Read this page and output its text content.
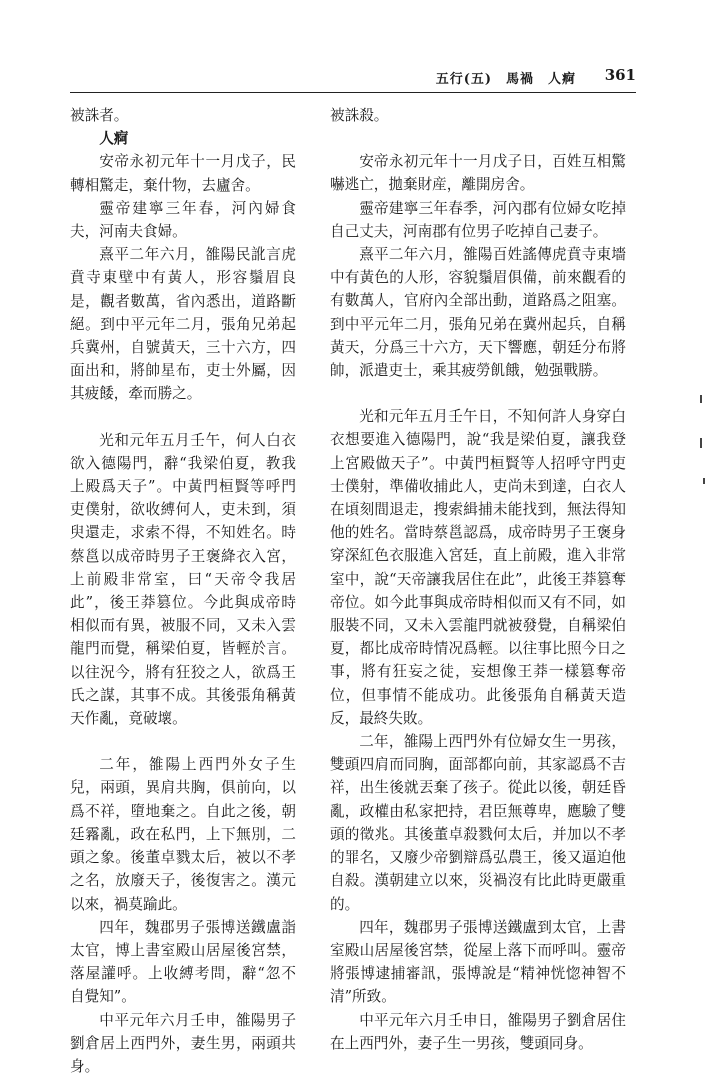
五行(五)　馬禍　人痾 361

被誅者。

人痾

安帝永初元年十一月戊子，民轉相驚走，棄什物，去廬舍。

靈帝建寧三年春，河內婦食夫，河南夫食婦。

熹平二年六月，雒陽民訛言虎賁寺東壁中有黃人，形容鬚眉良是，觀者數萬，省內悉出，道路斷絕。到中平元年二月，張角兄弟起兵冀州，自號黃天，三十六方，四面出和，將帥星布，吏士外屬，因其疲餧，牽而勝之。

光和元年五月壬午，何人白衣欲入德陽門，辭“我梁伯夏，教我上殿爲天子”。中黃門桓賢等呼門吏僕射，欲收縛何人，吏未到，須臾還走，求索不得，不知姓名。時蔡邕以成帝時男子王褒絳衣入宮，上前殿非常室，曰“天帝令我居此”，後王莽篡位。今此與成帝時相似而有異，被服不同，又未入雲龍門而覺，稱梁伯夏，皆輕於言。以往況今，將有狂狡之人，欲爲王氏之謀，其事不成。其後張角稱黃天作亂，竟破壞。

二年，雒陽上西門外女子生兒，兩頭，異肩共胸，俱前向，以爲不祥，墮地棄之。自此之後，朝廷霿亂，政在私門，上下無別，二頭之象。後董卓戮太后，被以不孝之名，放廢天子，後復害之。漢元以來，禍莫踰此。

四年，魏郡男子張博送鐵盧詣太官，博上書室殿山居屋後宮禁，落屋讙呼。上收縛考問，辭“忽不自覺知”。

中平元年六月壬申，雒陽男子劉倉居上西門外，妻生男，兩頭共身。

被誅殺。

安帝永初元年十一月戊子日，百姓互相驚嚇逃亡，拋棄財産，離開房舍。

靈帝建寧三年春季，河內郡有位婦女吃掉自己丈夫，河南郡有位男子吃掉自己妻子。

熹平二年六月，雒陽百姓謠傳虎賁寺東墻中有黃色的人形，容貌鬚眉俱備，前來觀看的有數萬人，官府內全部出動，道路爲之阻塞。到中平元年二月，張角兄弟在冀州起兵，自稱黃天，分爲三十六方，天下響應，朝廷分布將帥，派遣吏士，乘其疲勞飢餓，勉强戰勝。

光和元年五月壬午日，不知何許人身穿白衣想要進入德陽門，說“我是梁伯夏，讓我登上宮殿做天子”。中黃門桓賢等人招呼守門吏士僕射，準備收捕此人，吏尚未到達，白衣人在頃刻間退走，搜索緝捕未能找到，無法得知他的姓名。當時蔡邕認爲，成帝時男子王褒身穿深紅色衣服進入宮廷，直上前殿，進入非常室中，說“天帝讓我居住在此”，此後王莽篡奪帝位。如今此事與成帝時相似而又有不同，如服裝不同，又未入雲龍門就被發覺，自稱梁伯夏，都比成帝時情况爲輕。以往事比照今日之事，將有狂妄之徒，妄想像王莽一樣篡奪帝位，但事情不能成功。此後張角自稱黃天造反，最終失敗。

二年，雒陽上西門外有位婦女生一男孩，雙頭四肩而同胸，面部都向前，其家認爲不吉祥，出生後就丟棄了孩子。從此以後，朝廷昏亂，政權由私家把持，君臣無尊卑，應驗了雙頭的徵兆。其後董卓殺戮何太后，并加以不孝的罪名，又廢少帝劉辯爲弘農王，後又逼迫他自殺。漢朝建立以來，災禍沒有比此時更嚴重的。

四年，魏郡男子張博送鐵盧到太官，上書室殿山居屋後宮禁，從屋上落下而呼叫。靈帝將張博逮捕審訊，張博說是“精神恍惚神智不清”所致。

中平元年六月壬申日，雒陽男子劉倉居住在上西門外，妻子生一男孩，雙頭同身。
